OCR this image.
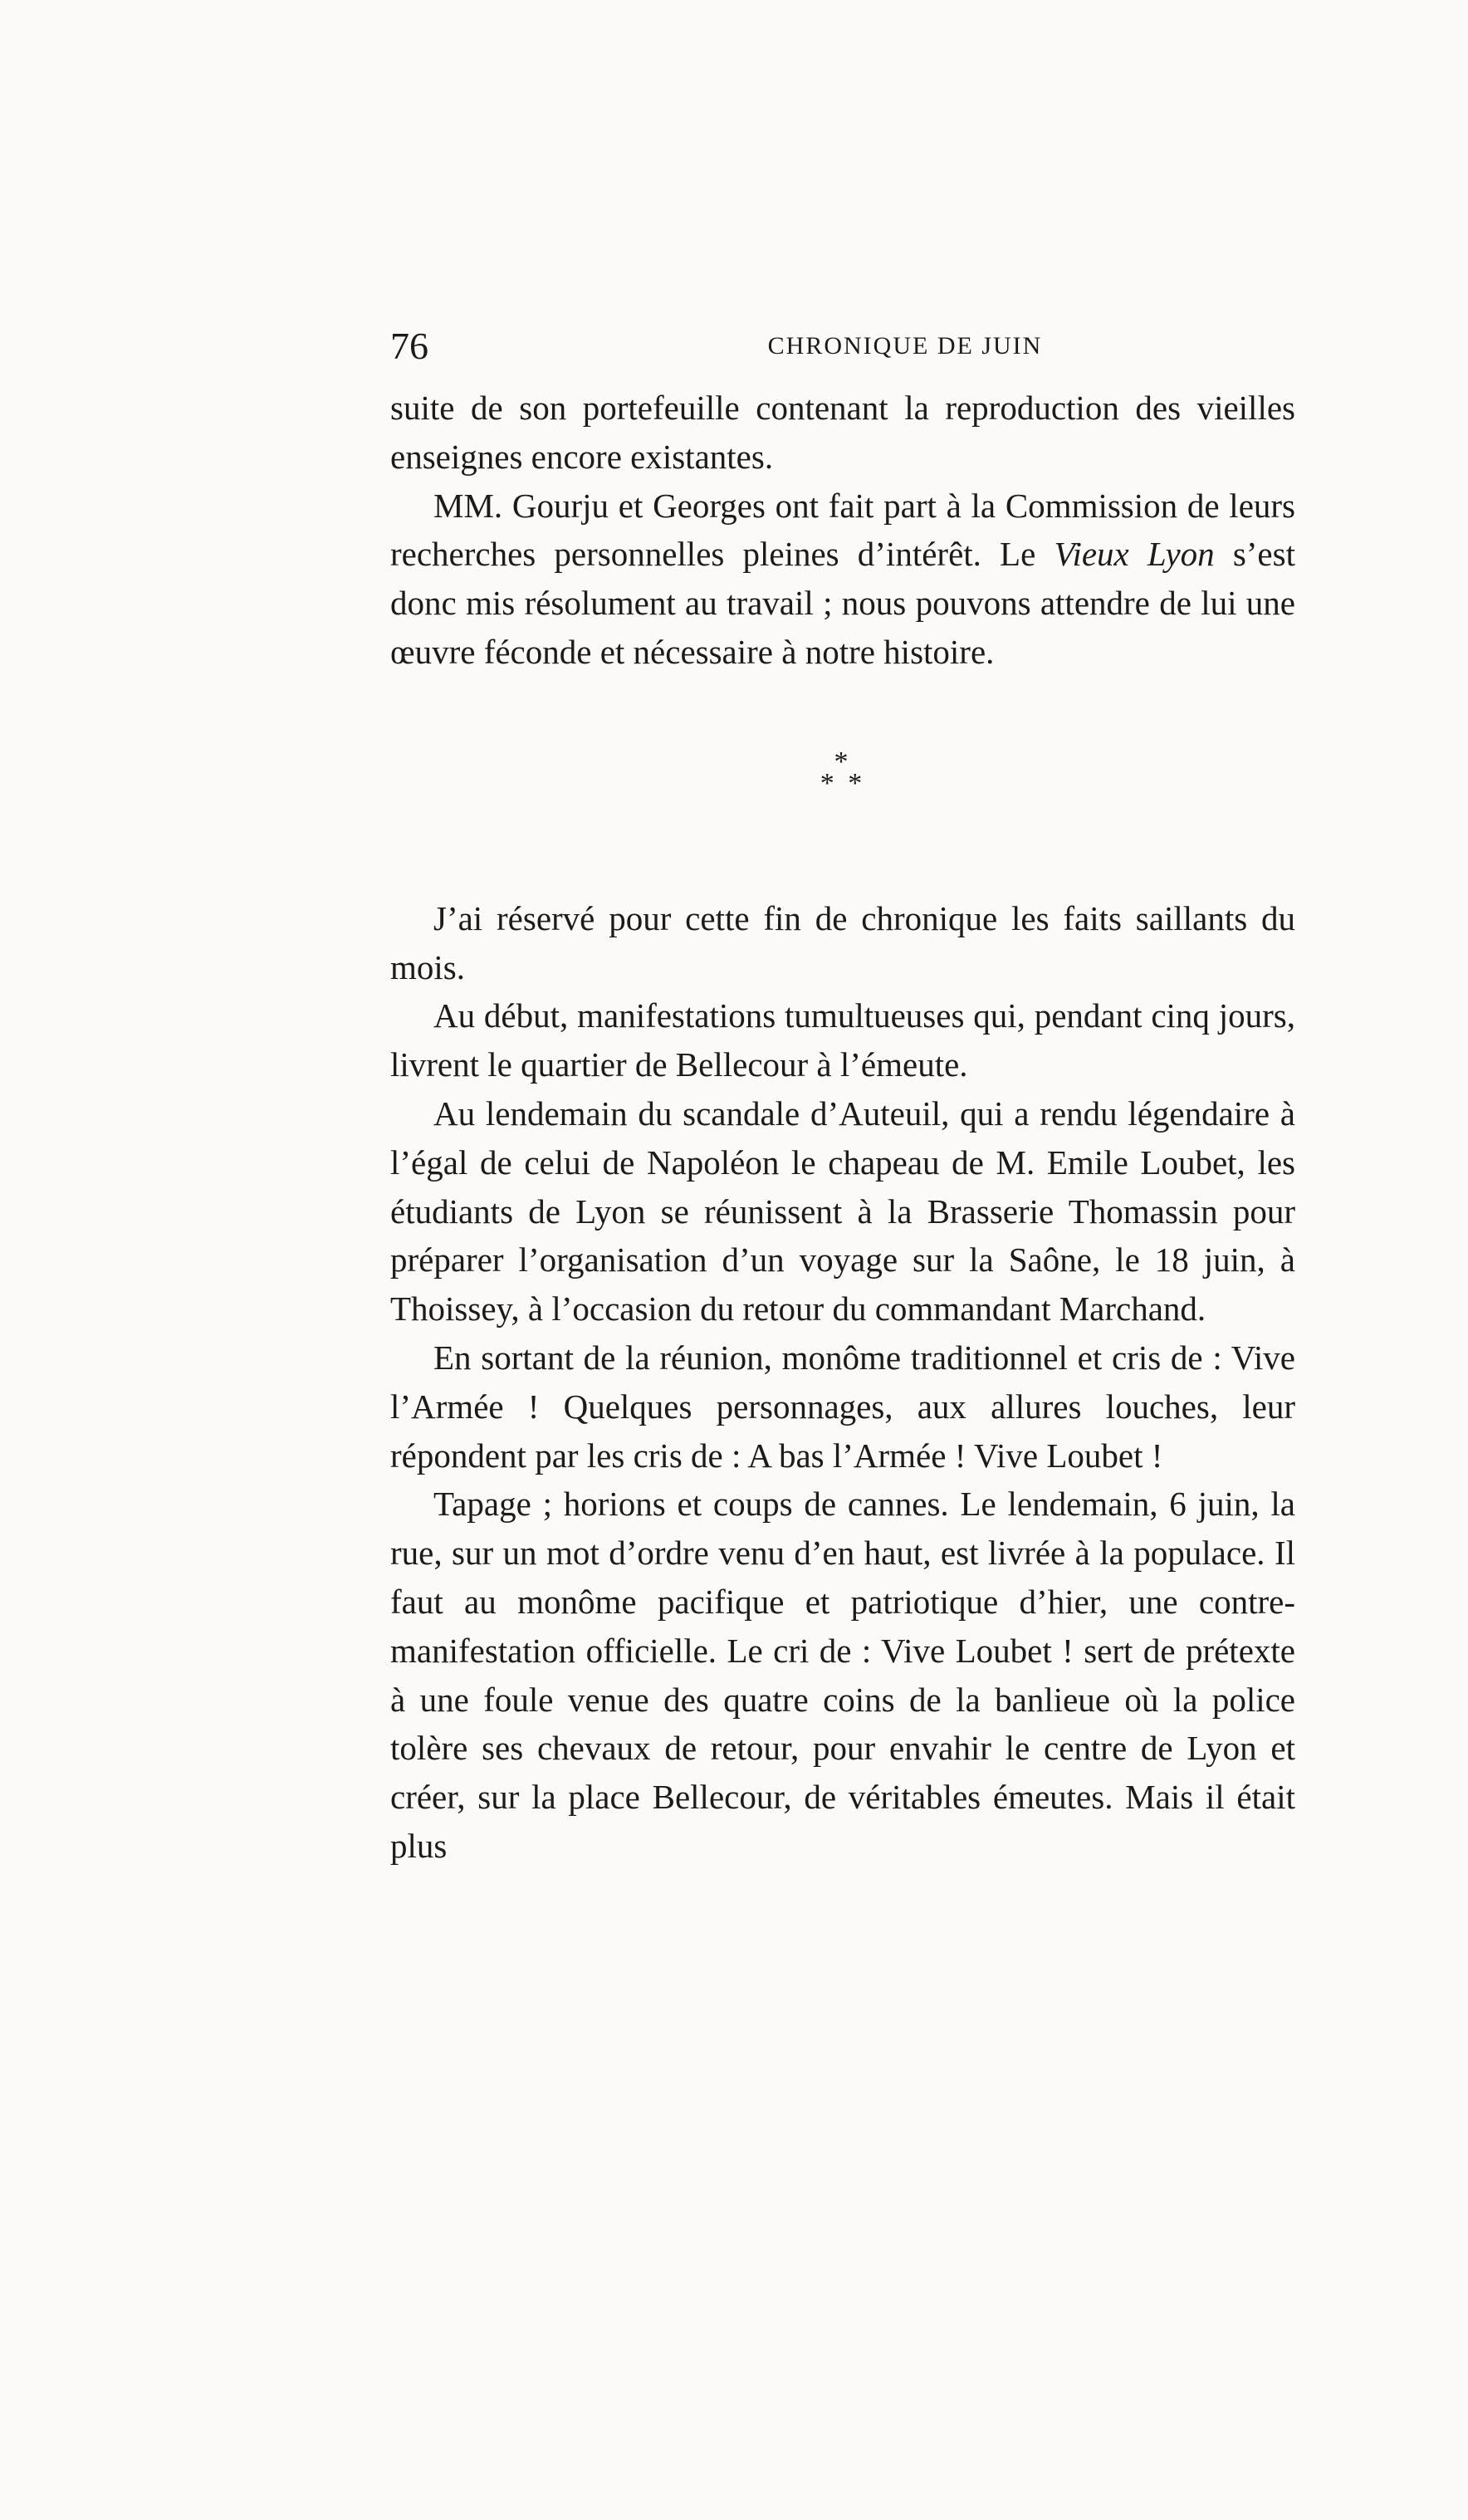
76	CHRONIQUE DE JUIN

suite de son portefeuille contenant la reproduction des vieilles enseignes encore existantes.

MM. Gourju et Georges ont fait part à la Commission de leurs recherches personnelles pleines d’intérêt. Le Vieux Lyon s’est donc mis résolument au travail ; nous pouvons attendre de lui une œuvre féconde et nécessaire à notre histoire.

*
* *

J’ai réservé pour cette fin de chronique les faits saillants du mois.

Au début, manifestations tumultueuses qui, pendant cinq jours, livrent le quartier de Bellecour à l’émeute.

Au lendemain du scandale d’Auteuil, qui a rendu légendaire à l’égal de celui de Napoléon le chapeau de M. Emile Loubet, les étudiants de Lyon se réunissent à la Brasserie Thomassin pour préparer l’organisation d’un voyage sur la Saône, le 18 juin, à Thoissey, à l’occasion du retour du commandant Marchand.

En sortant de la réunion, monôme traditionnel et cris de : Vive l’Armée ! Quelques personnages, aux allures louches, leur répondent par les cris de : A bas l’Armée ! Vive Loubet !

Tapage ; horions et coups de cannes. Le lendemain, 6 juin, la rue, sur un mot d’ordre venu d’en haut, est livrée à la populace. Il faut au monôme pacifique et patriotique d’hier, une contre-manifestation officielle. Le cri de : Vive Loubet ! sert de prétexte à une foule venue des quatre coins de la banlieue où la police tolère ses chevaux de retour, pour envahir le centre de Lyon et créer, sur la place Bellecour, de véritables émeutes. Mais il était plus
